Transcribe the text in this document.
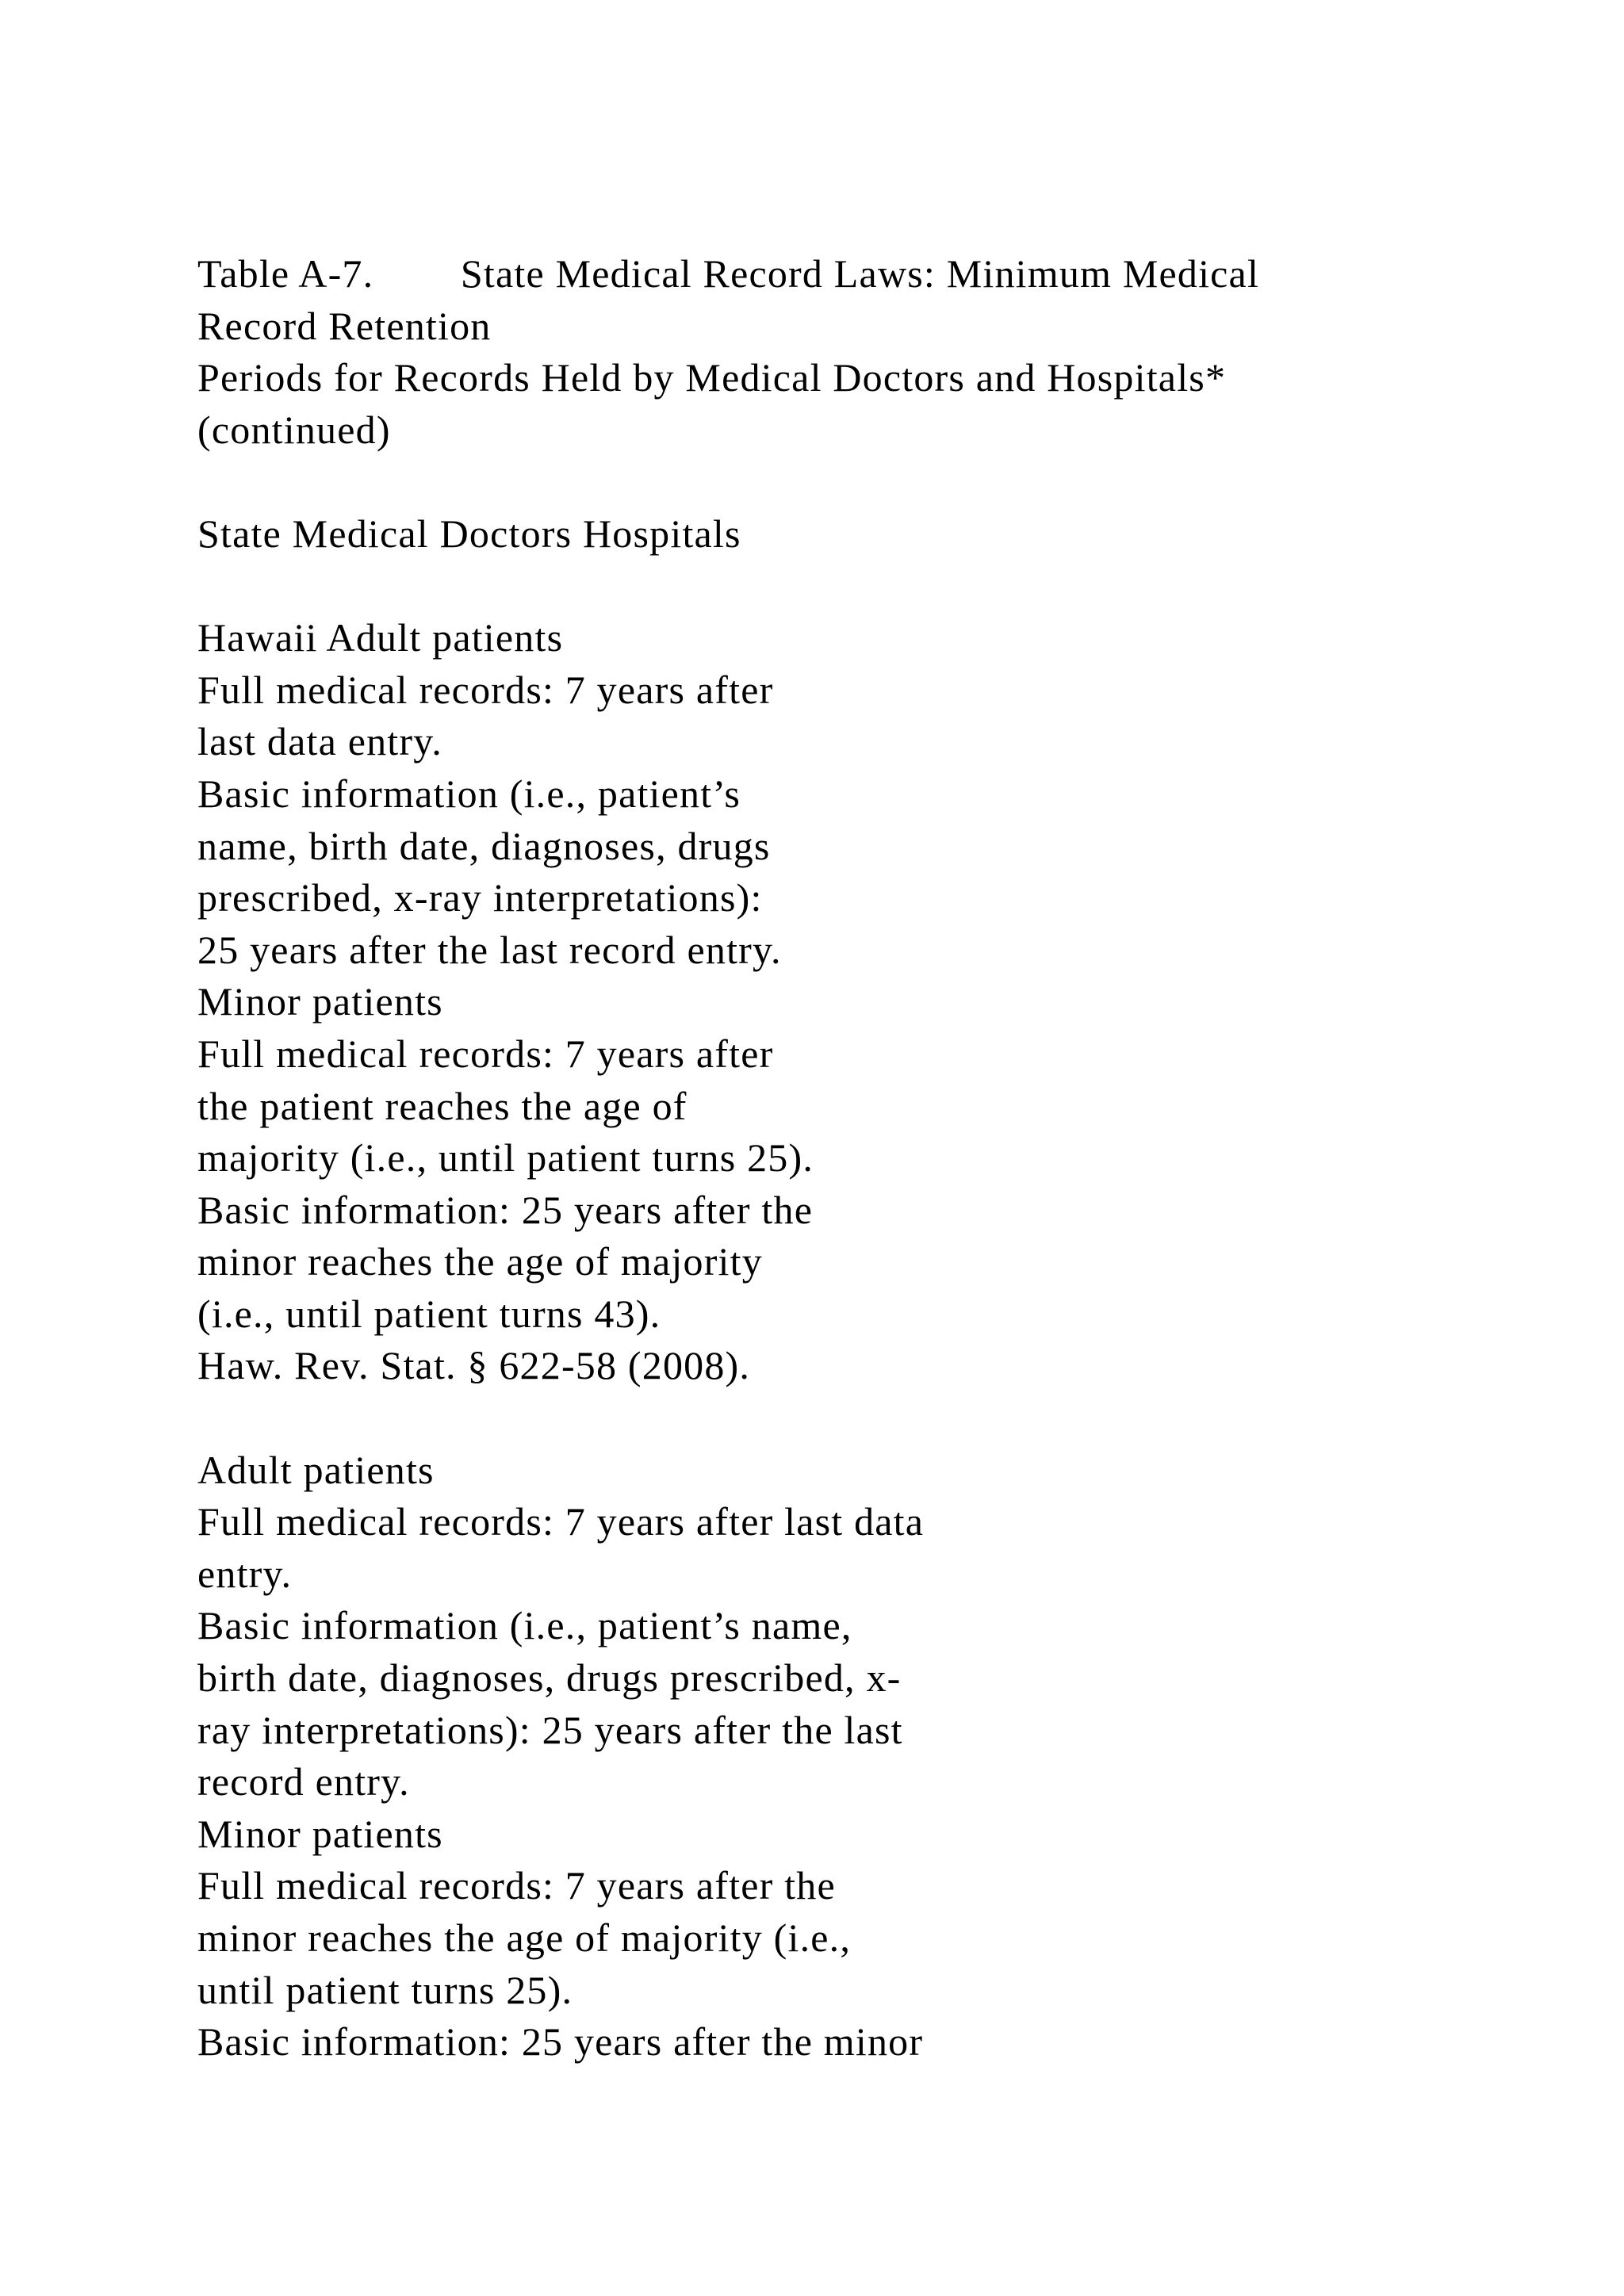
Table A-7.        State Medical Record Laws: Minimum Medical
Record Retention
Periods for Records Held by Medical Doctors and Hospitals*
(continued)
State Medical Doctors Hospitals
Hawaii Adult patients
Full medical records: 7 years after
last data entry.
Basic information (i.e., patient’s
name, birth date, diagnoses, drugs
prescribed, x-ray interpretations):
25 years after the last record entry.
Minor patients
Full medical records: 7 years after
the patient reaches the age of
majority (i.e., until patient turns 25).
Basic information: 25 years after the
minor reaches the age of majority
(i.e., until patient turns 43).
Haw. Rev. Stat. § 622-58 (2008).
Adult patients
Full medical records: 7 years after last data
entry.
Basic information (i.e., patient’s name,
birth date, diagnoses, drugs prescribed, x-
ray interpretations): 25 years after the last
record entry.
Minor patients
Full medical records: 7 years after the
minor reaches the age of majority (i.e.,
until patient turns 25).
Basic information: 25 years after the minor
